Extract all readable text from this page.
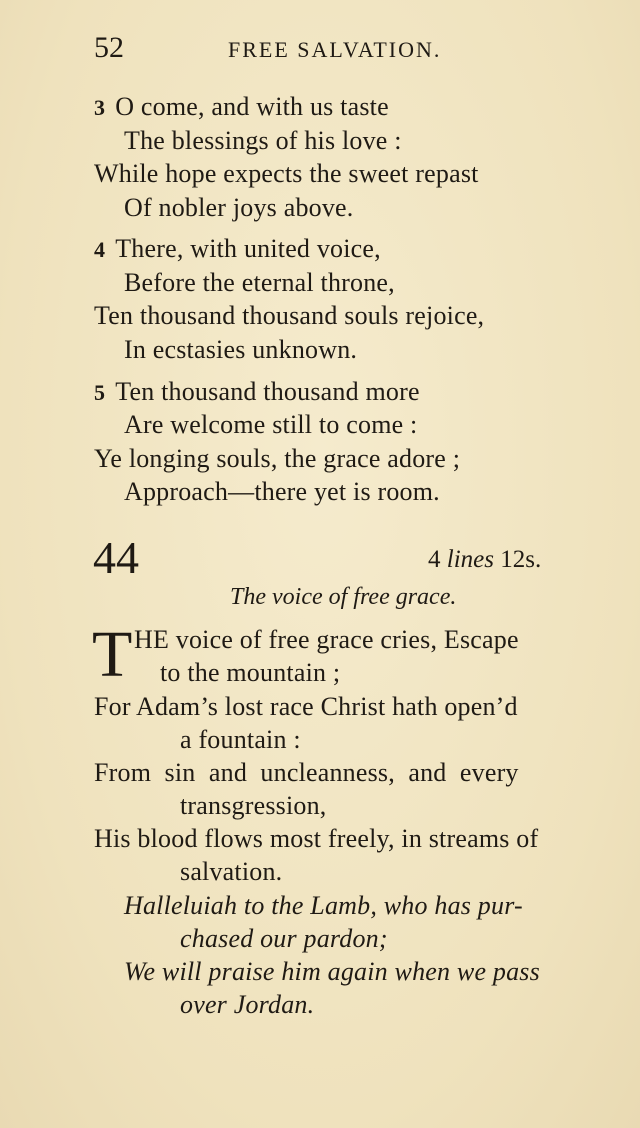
52	FREE SALVATION.
3 O come, and with us taste
The blessings of his love :
While hope expects the sweet repast
Of nobler joys above.
4 There, with united voice,
Before the eternal throne,
Ten thousand thousand souls rejoice,
In ecstasies unknown.
5 Ten thousand thousand more
Are welcome still to come :
Ye longing souls, the grace adore ;
Approach—there yet is room.
44	4 lines 12s.
The voice of free grace.
T HE voice of free grace cries, Escape
to the mountain ;
For Adam’s lost race Christ hath open’d
a fountain :
From  sin  and  uncleanness,  and  every
transgression,
His blood flows most freely, in streams of
salvation.
Halleluiah to the Lamb, who has pur-
chased our pardon;
We will praise him again when we pass
over Jordan.
